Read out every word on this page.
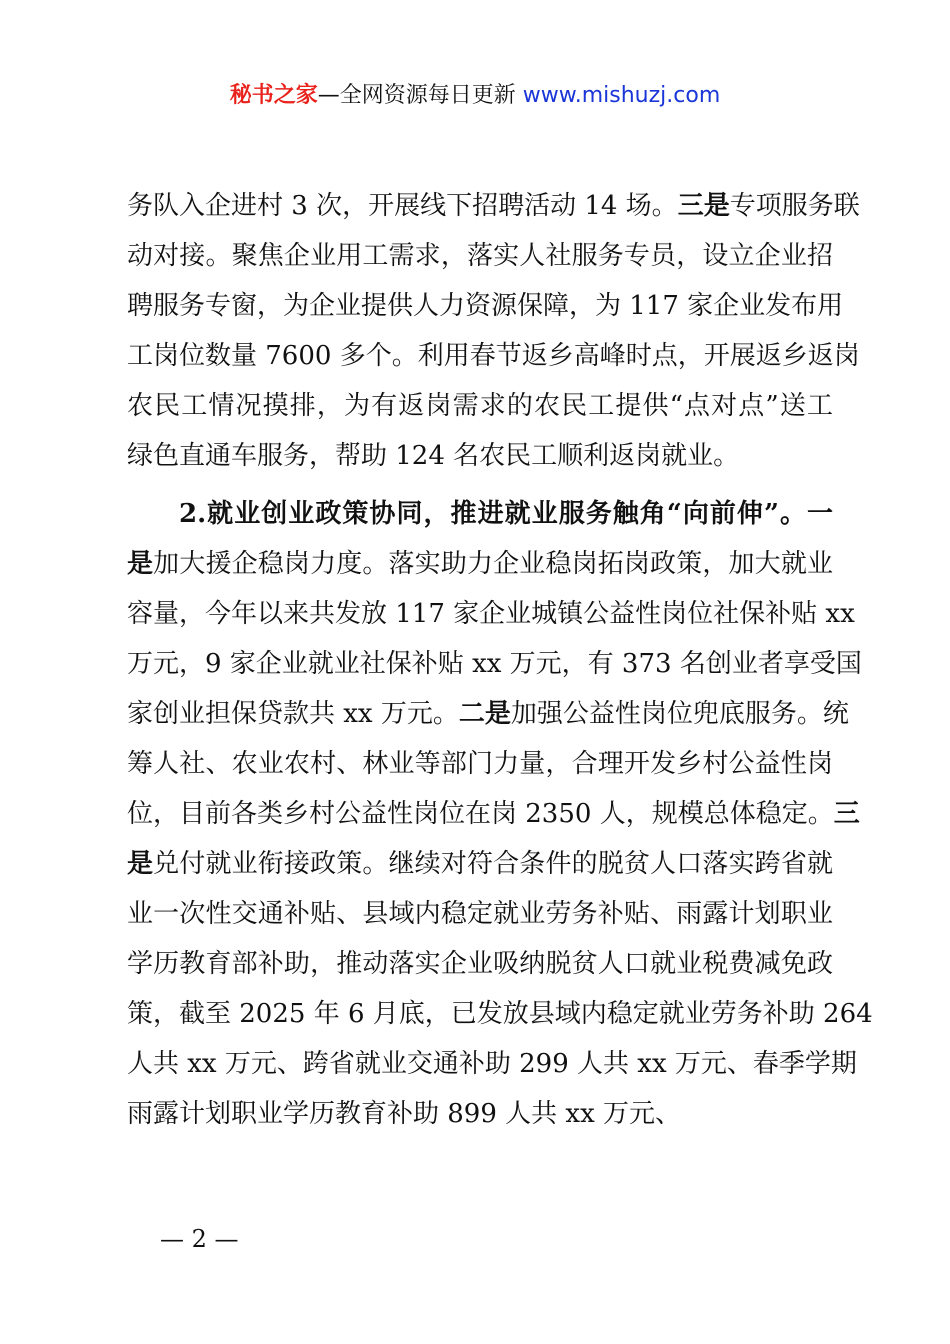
秘书之家—全网资源每日更新 www.mishuzj.com
务队入企进村 3 次，开展线下招聘活动 14 场。三是专项服务联
动对接。聚焦企业用工需求，落实人社服务专员，设立企业招
聘服务专窗，为企业提供人力资源保障，为 117 家企业发布用
工岗位数量 7600 多个。利用春节返乡高峰时点，开展返乡返岗
农民工情况摸排，为有返岗需求的农民工提供“点对点”送工
绿色直通车服务，帮助 124 名农民工顺利返岗就业。
2.就业创业政策协同，推进就业服务触角“向前伸”。一
是加大援企稳岗力度。落实助力企业稳岗拓岗政策，加大就业
容量，今年以来共发放 117 家企业城镇公益性岗位社保补贴 xx
万元，9 家企业就业社保补贴 xx 万元，有 373 名创业者享受国
家创业担保贷款共 xx 万元。二是加强公益性岗位兜底服务。统
筹人社、农业农村、林业等部门力量，合理开发乡村公益性岗
位，目前各类乡村公益性岗位在岗 2350 人，规模总体稳定。三
是兑付就业衔接政策。继续对符合条件的脱贫人口落实跨省就
业一次性交通补贴、县域内稳定就业劳务补贴、雨露计划职业
学历教育部补助，推动落实企业吸纳脱贫人口就业税费减免政
策，截至 2025 年 6 月底，已发放县域内稳定就业劳务补助 264
人共 xx 万元、跨省就业交通补助 299 人共 xx 万元、春季学期
雨露计划职业学历教育补助 899 人共 xx 万元、
— 2 —
